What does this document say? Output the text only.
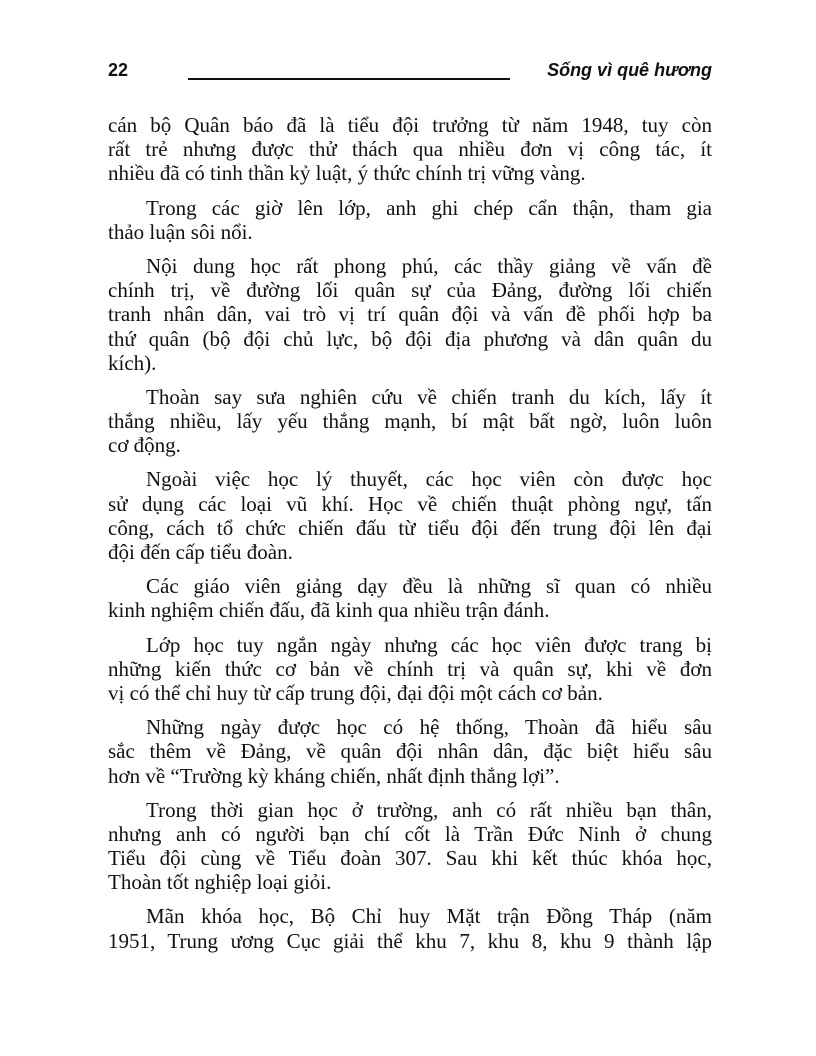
22	Sống vì quê hương
cán bộ Quân báo đã là tiểu đội trưởng từ năm 1948, tuy còn
rất trẻ nhưng được thử thách qua nhiều đơn vị công tác, ít
nhiều đã có tinh thần kỷ luật, ý thức chính trị vững vàng.
Trong các giờ lên lớp, anh ghi chép cẩn thận, tham gia
thảo luận sôi nổi.
Nội dung học rất phong phú, các thầy giảng về vấn đề
chính trị, về đường lối quân sự của Đảng, đường lối chiến
tranh nhân dân, vai trò vị trí quân đội và vấn đề phối hợp ba
thứ quân (bộ đội chủ lực, bộ đội địa phương và dân quân du
kích).
Thoàn say sưa nghiên cứu về chiến tranh du kích, lấy ít
thắng nhiều, lấy yếu thắng mạnh, bí mật bất ngờ, luôn luôn
cơ động.
Ngoài việc học lý thuyết, các học viên còn được học
sử dụng các loại vũ khí. Học về chiến thuật phòng ngự, tấn
công, cách tổ chức chiến đấu từ tiểu đội đến trung đội lên đại
đội đến cấp tiểu đoàn.
Các giáo viên giảng dạy đều là những sĩ quan có nhiều
kinh nghiệm chiến đấu, đã kinh qua nhiều trận đánh.
Lớp học tuy ngắn ngày nhưng các học viên được trang bị
những kiến thức cơ bản về chính trị và quân sự, khi về đơn
vị có thể chỉ huy từ cấp trung đội, đại đội một cách cơ bản.
Những ngày được học có hệ thống, Thoàn đã hiểu sâu
sắc thêm về Đảng, về quân đội nhân dân, đặc biệt hiểu sâu
hơn về “Trường kỳ kháng chiến, nhất định thắng lợi”.
Trong thời gian học ở trường, anh có rất nhiều bạn thân,
nhưng anh có người bạn chí cốt là Trần Đức Ninh ở chung
Tiểu đội cùng về Tiểu đoàn 307. Sau khi kết thúc khóa học,
Thoàn tốt nghiệp loại giỏi.
Mãn khóa học, Bộ Chỉ huy Mặt trận Đồng Tháp (năm
1951, Trung ương Cục giải thể khu 7, khu 8, khu 9 thành lập
